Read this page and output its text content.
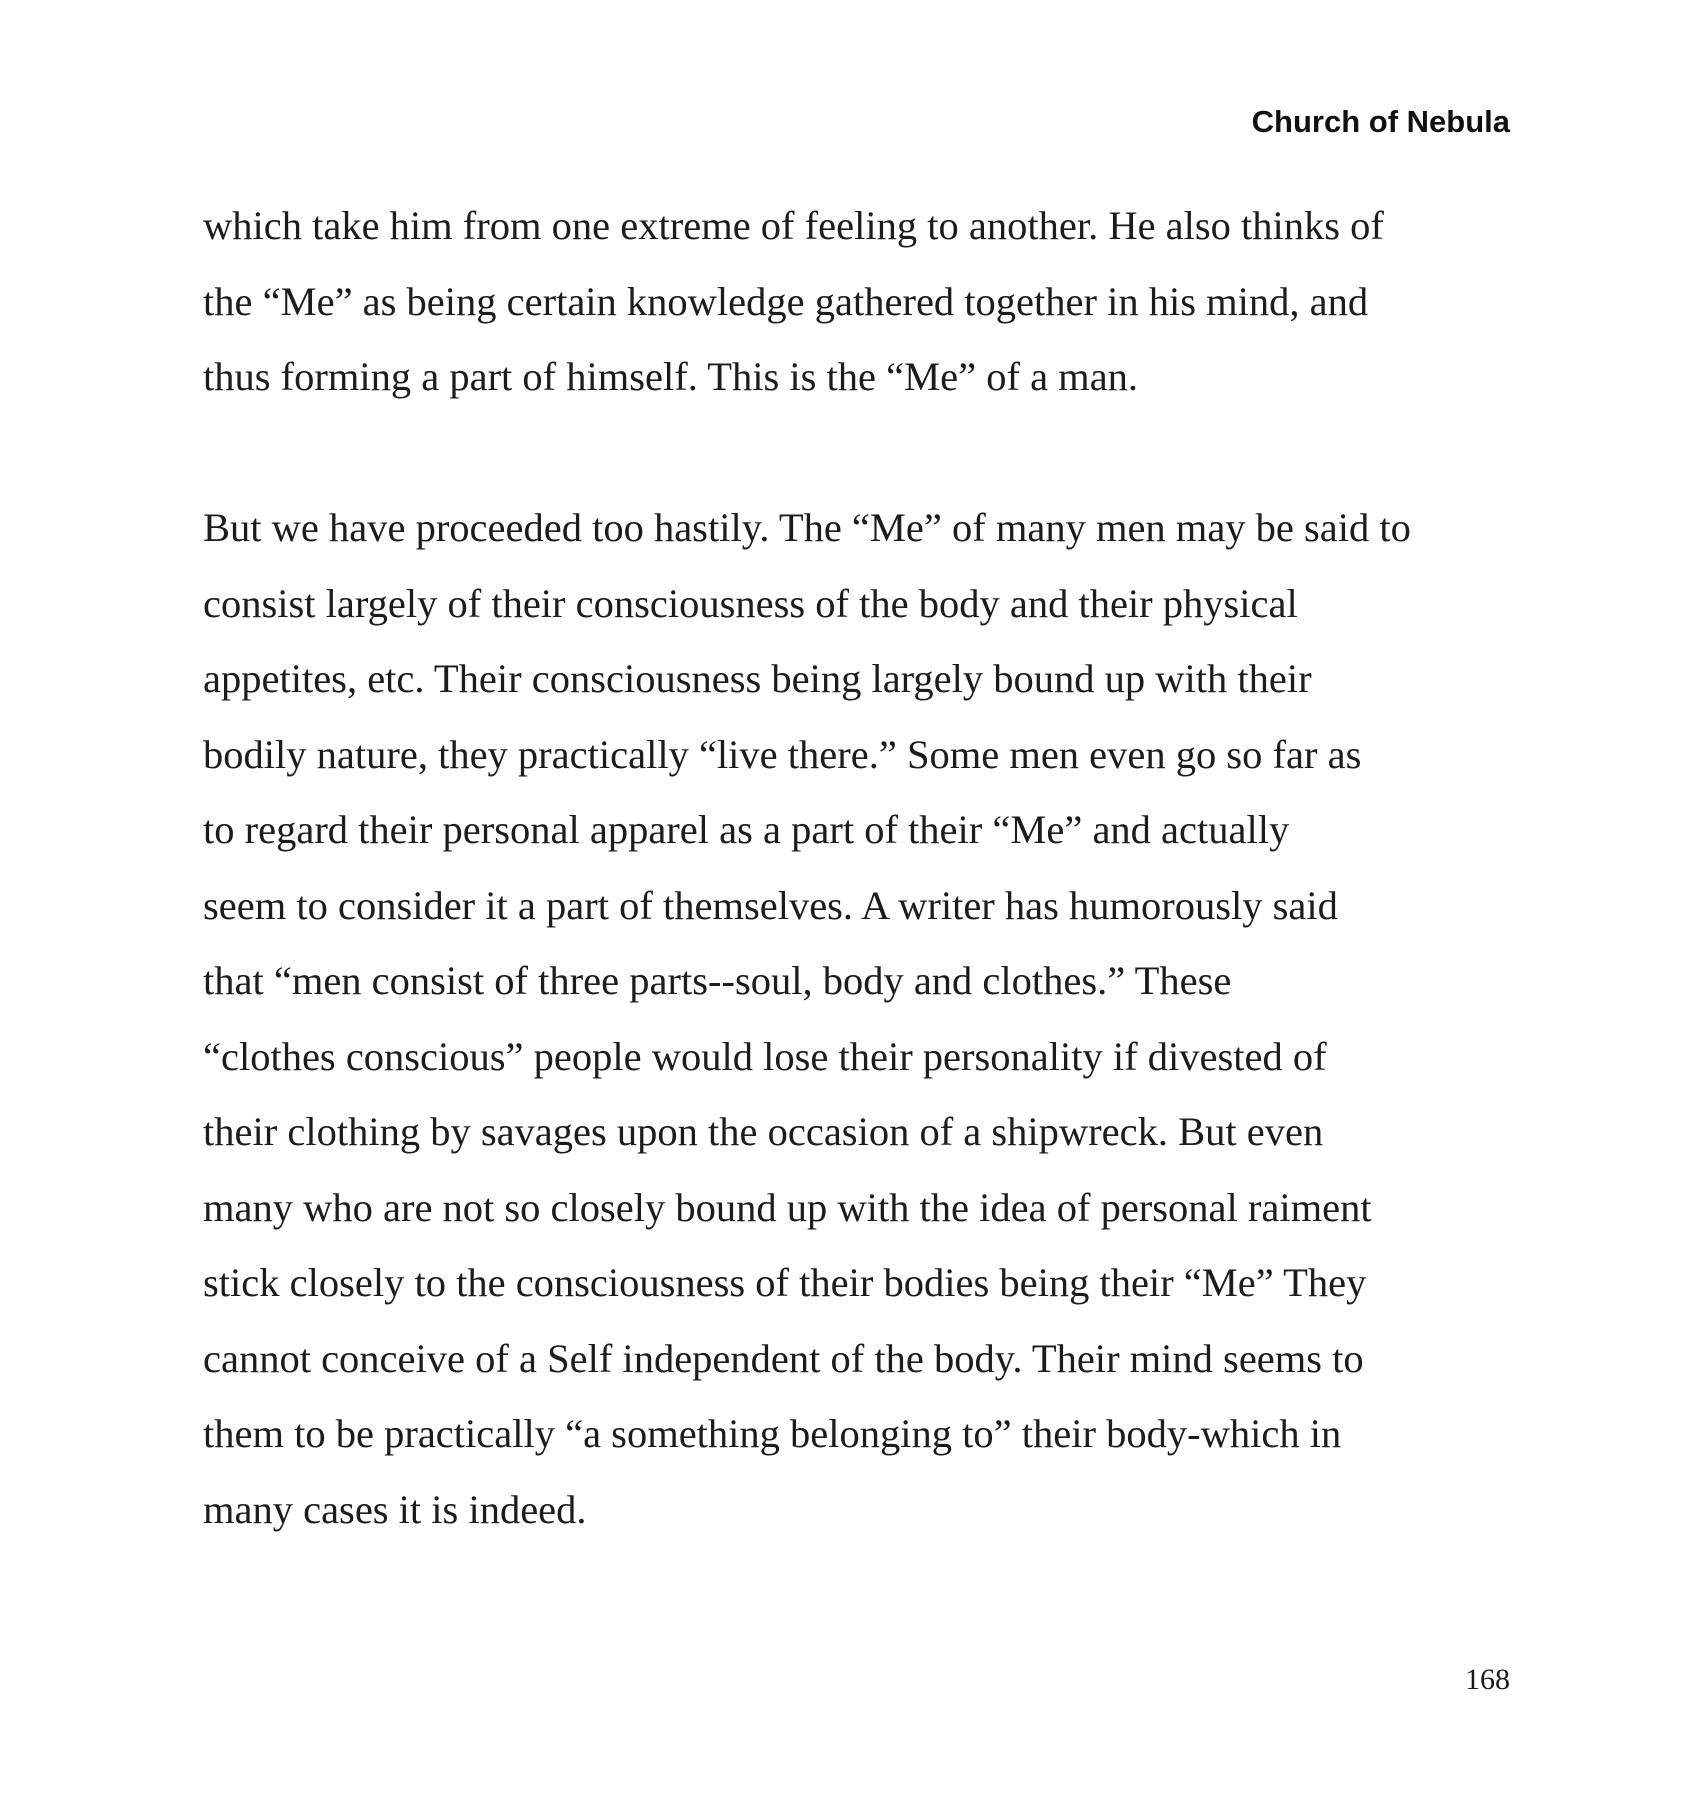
Church of Nebula
which take him from one extreme of feeling to another. He also thinks of
the “Me” as being certain knowledge gathered together in his mind, and
thus forming a part of himself. This is the “Me” of a man.
But we have proceeded too hastily. The “Me” of many men may be said to
consist largely of their consciousness of the body and their physical
appetites, etc. Their consciousness being largely bound up with their
bodily nature, they practically “live there.” Some men even go so far as
to regard their personal apparel as a part of their “Me” and actually
seem to consider it a part of themselves. A writer has humorously said
that “men consist of three parts--soul, body and clothes.” These
“clothes conscious” people would lose their personality if divested of
their clothing by savages upon the occasion of a shipwreck. But even
many who are not so closely bound up with the idea of personal raiment
stick closely to the consciousness of their bodies being their “Me” They
cannot conceive of a Self independent of the body. Their mind seems to
them to be practically “a something belonging to” their body-which in
many cases it is indeed.
168
